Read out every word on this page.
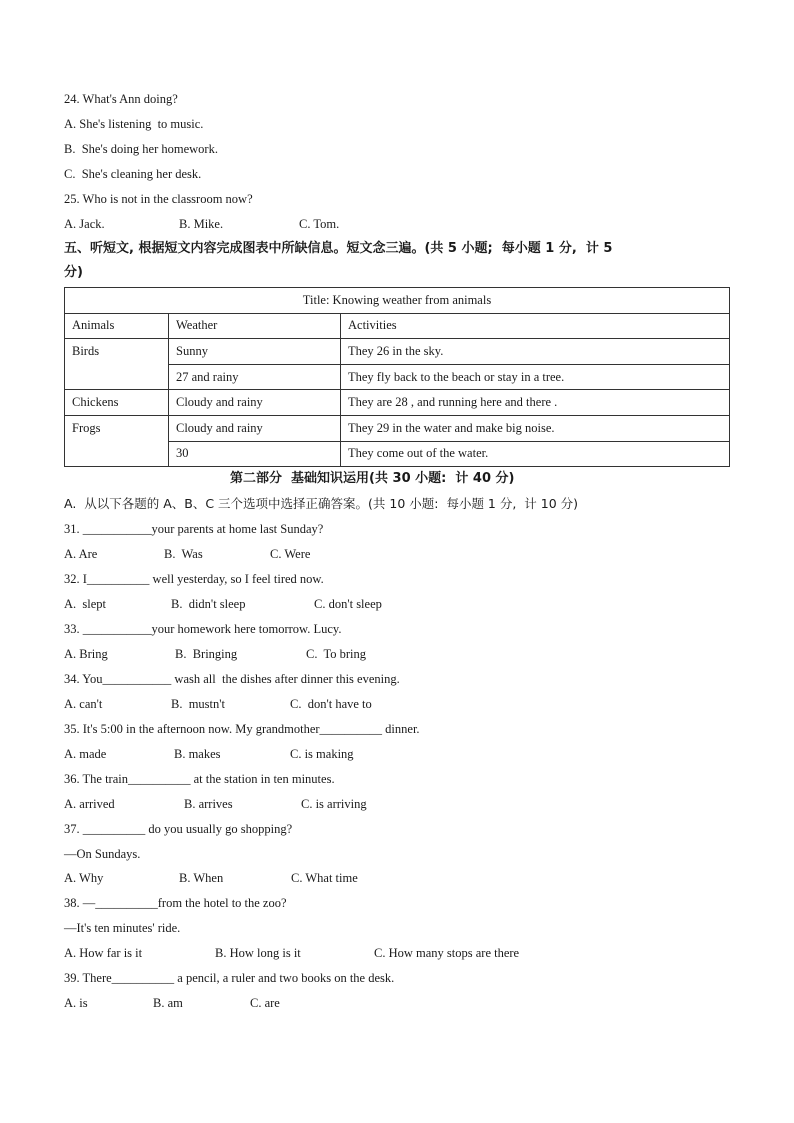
24. What's Ann doing?
A. She's listening  to music.
B.  She's doing her homework.
C.  She's cleaning her desk.
25. Who is not in the classroom now?
A. Jack.	B. Mike.	C. Tom.
五、听短文, 根据短文内容完成图表中所缺信息。短文念三遍。(共 5 小题;  每小题 1 分,  计 5
分)
Title: Knowing weather from animals		
Animals	Weather	Activities
Birds	Sunny	They 26 in the sky.
	27 and rainy	They fly back to the beach or stay in a tree.
Chickens	Cloudy and rainy	They are 28 , and running here and there .
Frogs	Cloudy and rainy	They 29 in the water and make big noise.
	30	They come out of the water.
第二部分  基础知识运用(共 30 小题:  计 40 分)
A.  从以下各题的 A、B、C 三个选项中选择正确答案。(共 10 小题:  每小题 1 分,  计 10 分)
31. ___________your parents at home last Sunday?
A. Are	B.  Was	C. Were
32. I__________ well yesterday, so I feel tired now.
A.  slept	B.  didn't sleep	C. don't sleep
33. ___________your homework here tomorrow. Lucy.
A. Bring	B.  Bringing	C.  To bring
34. You___________ wash all  the dishes after dinner this evening.
A. can't	B.  mustn't	C.  don't have to
35. It's 5:00 in the afternoon now. My grandmother__________ dinner.
A. made	B. makes	C. is making
36. The train__________ at the station in ten minutes.
A. arrived	B. arrives	C. is arriving
37. __________ do you usually go shopping?
—On Sundays.
A. Why	B. When	C. What time
38. —__________from the hotel to the zoo?
—It's ten minutes' ride.
A. How far is it	B. How long is it	C. How many stops are there
39. There__________ a pencil, a ruler and two books on the desk.
A. is	B. am	C. are
